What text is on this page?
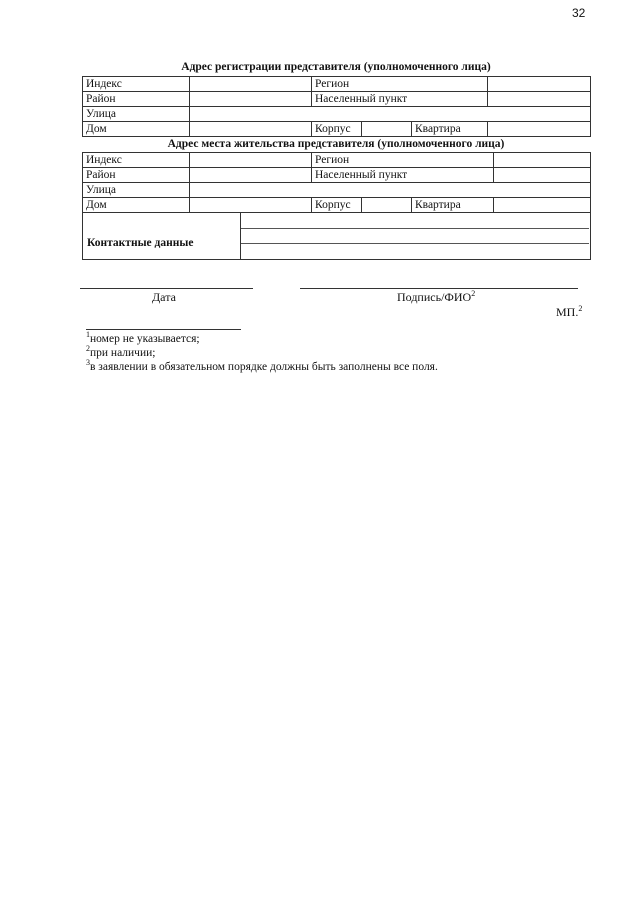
32
Адрес регистрации представителя (уполномоченного лица)
Индекс		Регион			
Район		Населенный пункт			
Улица					
Дом		Корпус		Квартира	
Адрес места жительства представителя (уполномоченного лица)
Индекс		Регион			
Район		Населенный пункт			
Улица					
Дом		Корпус		Квартира	
Контактные данные
Дата	Подпись/ФИО$^2$
МП.$^2$
$^1$номер не указывается;
$^2$при наличии;
$^3$в заявлении в обязательном порядке должны быть заполнены все поля.
